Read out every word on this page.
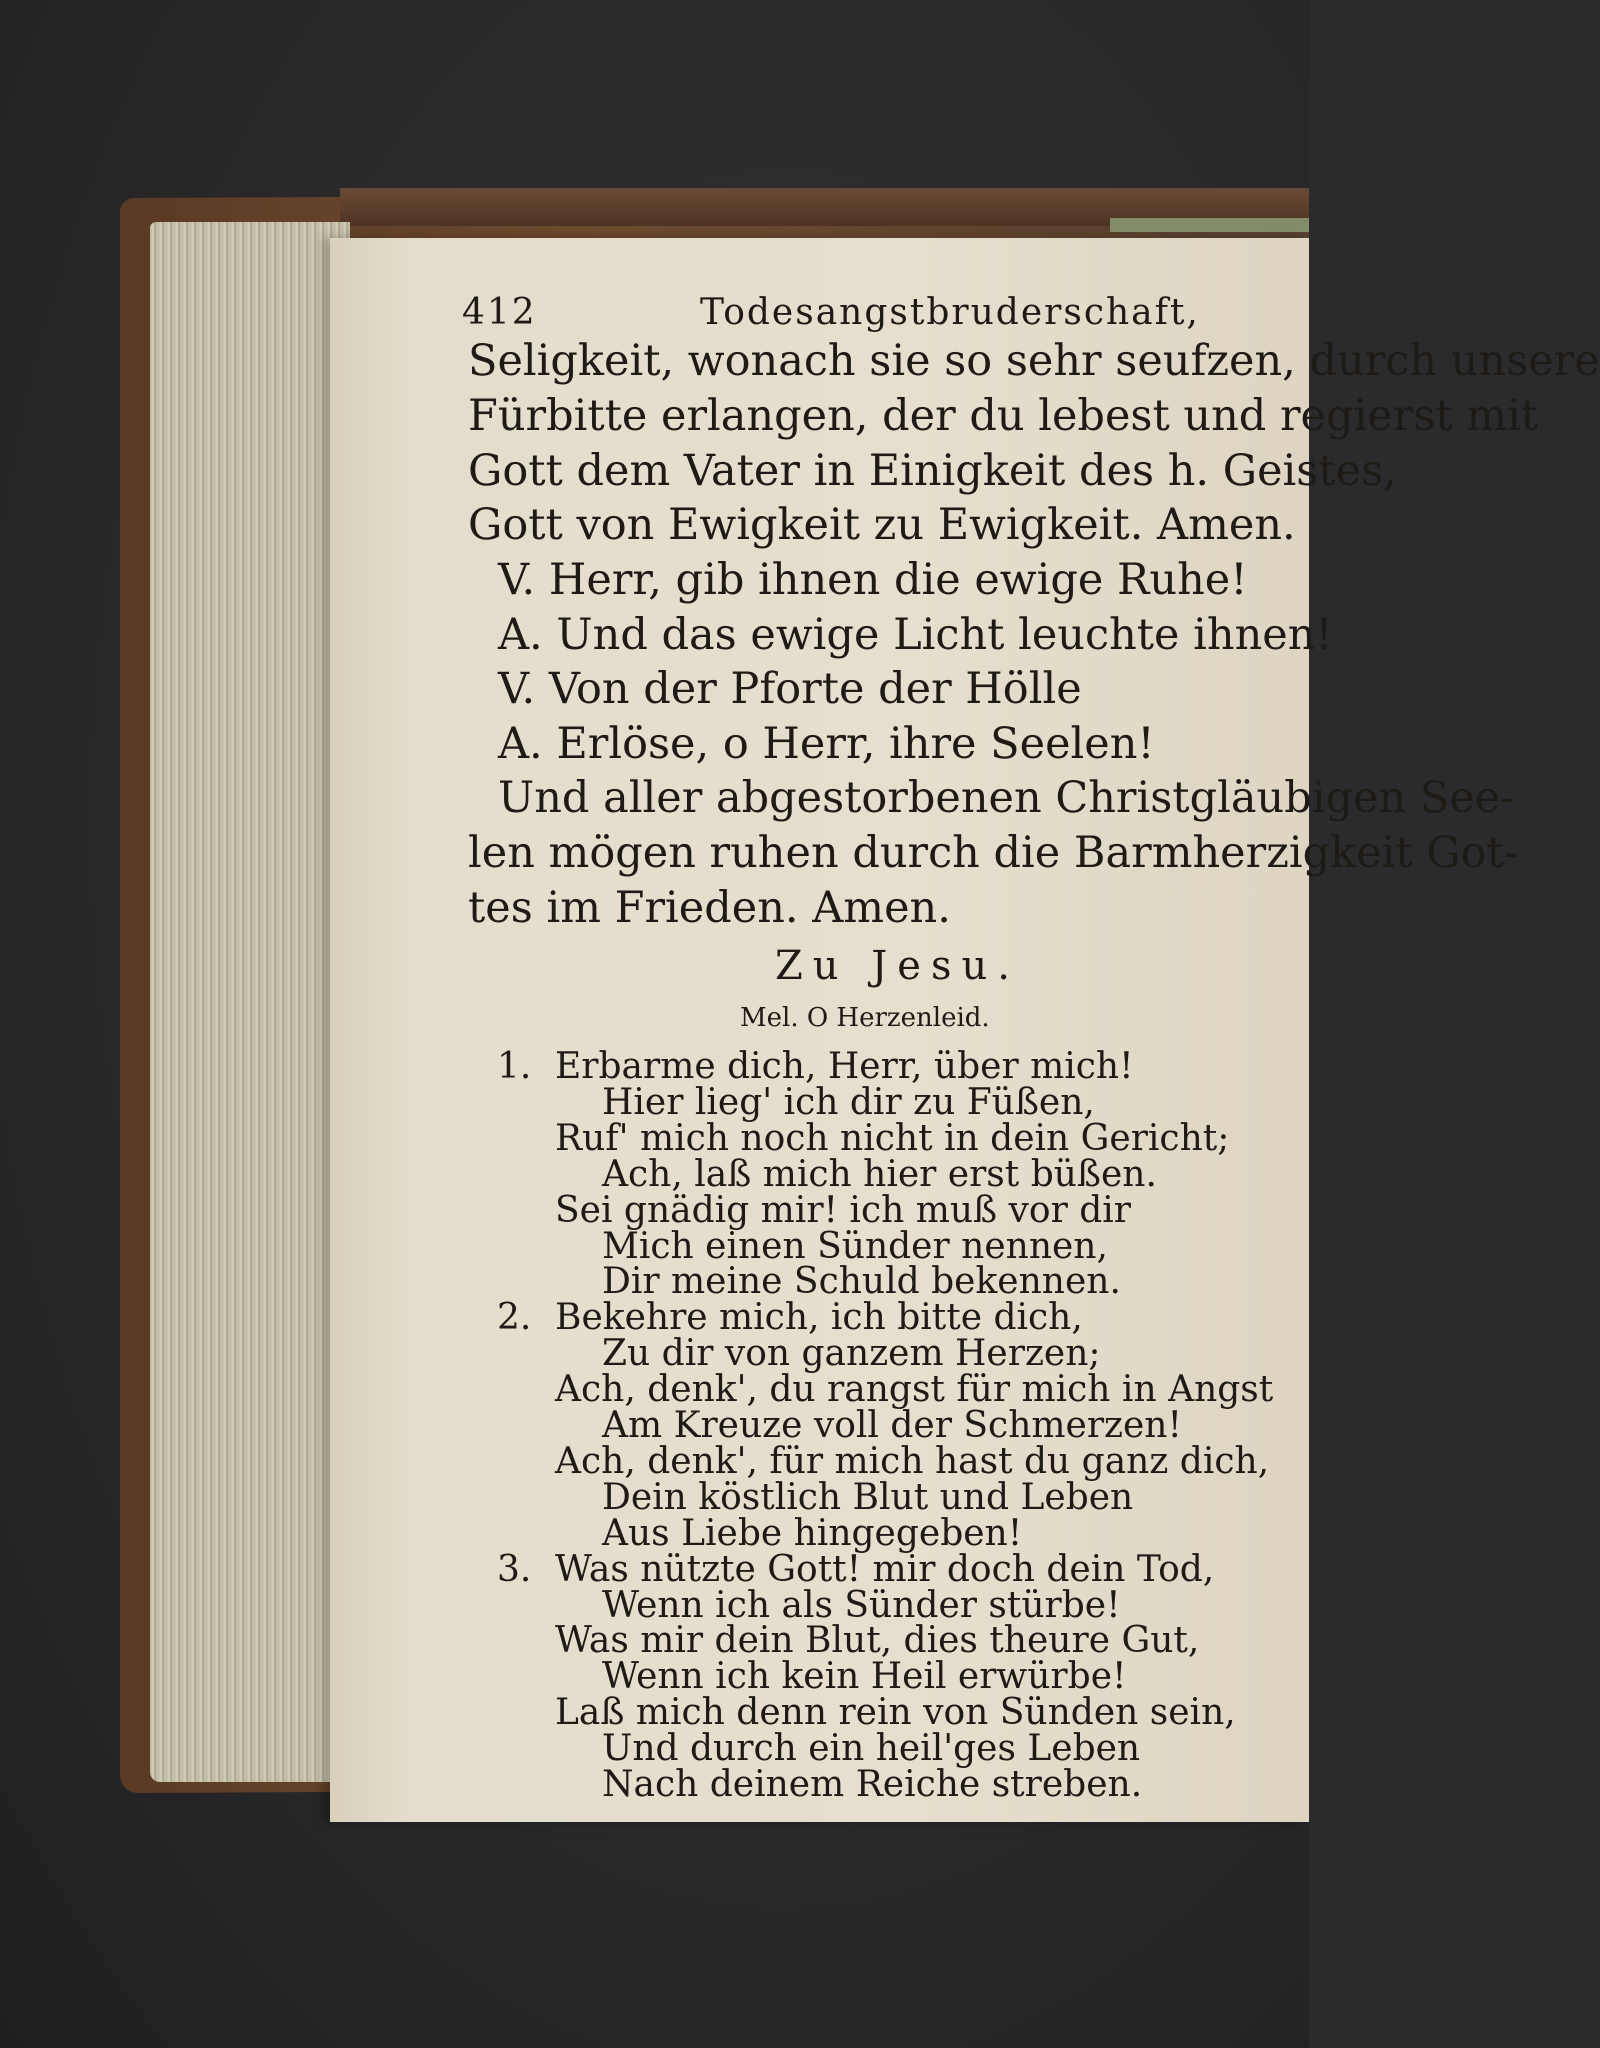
412	Todesangstbruderschaft,
Seligkeit, wonach sie so sehr seufzen, durch unsere
Fürbitte erlangen, der du lebest und regierst mit
Gott dem Vater in Einigkeit des h. Geistes,
Gott von Ewigkeit zu Ewigkeit. Amen.
V. Herr, gib ihnen die ewige Ruhe!
A. Und das ewige Licht leuchte ihnen!
V. Von der Pforte der Hölle
A. Erlöse, o Herr, ihre Seelen!
Und aller abgestorbenen Christgläubigen See-
len mögen ruhen durch die Barmherzigkeit Got-
tes im Frieden. Amen.
Zu Jesu.
Mel. O Herzenleid.
1. Erbarme dich, Herr, über mich!
Hier lieg' ich dir zu Füßen,
Ruf' mich noch nicht in dein Gericht;
Ach, laß mich hier erst büßen.
Sei gnädig mir! ich muß vor dir
Mich einen Sünder nennen,
Dir meine Schuld bekennen.
2. Bekehre mich, ich bitte dich,
Zu dir von ganzem Herzen;
Ach, denk', du rangst für mich in Angst
Am Kreuze voll der Schmerzen!
Ach, denk', für mich hast du ganz dich,
Dein köstlich Blut und Leben
Aus Liebe hingegeben!
3. Was nützte Gott! mir doch dein Tod,
Wenn ich als Sünder stürbe!
Was mir dein Blut, dies theure Gut,
Wenn ich kein Heil erwürbe!
Laß mich denn rein von Sünden sein,
Und durch ein heil'ges Leben
Nach deinem Reiche streben.
